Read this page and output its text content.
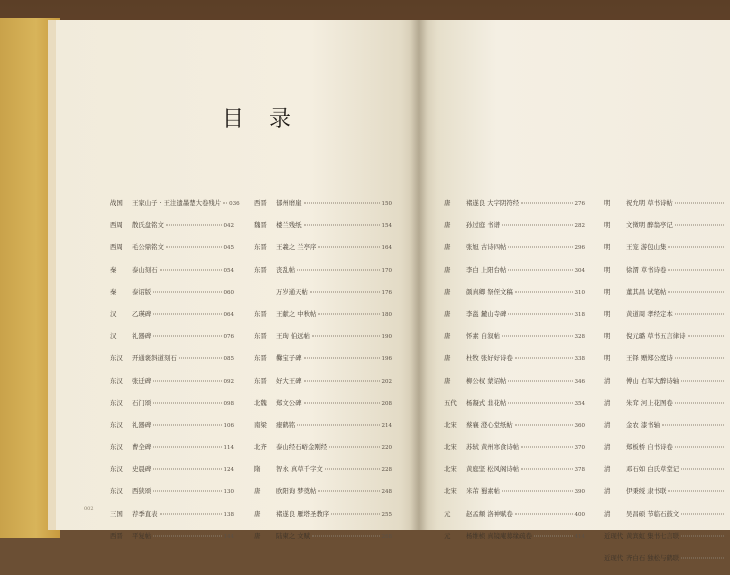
目 录
战国	王家山子 · 王注遗墨楚大卷残片 036
西周	散氏盘铭文	042
西周	毛公鼎铭文	045
秦	泰山刻石	054
秦	泰诏版	060
汉	乙瑛碑	064
汉	礼器碑	076
东汉	开通褒斜道刻石	085
东汉	张迁碑	092
东汉	石门颂	098
东汉	礼器碑	106
东汉	曹全碑	114
东汉	史晨碑	124
东汉	西狭颂	130
三国	荐季直表	138
西晋	平复帖	144
西晋	郁州磨崖	150
魏晋	楼兰残纸	154
东晋	王羲之 兰亭序	164
东晋	丧乱帖	170
万岁通天帖	176
东晋	王献之 中秋帖	180
东晋	王珣 伯远帖	190
东晋	爨宝子碑	196
东晋	好大王碑	202
北魏	郑文公碑	208
南梁	瘗鹤铭	214
北齐	泰山经石峪金刚经	220
隋	智永 真草千字文	228
唐	欧阳询 梦奠帖	248
唐	褚遂良 雁塔圣教序	255
唐	陆柬之 文赋	268
唐	褚遂良 大字阴符经	276
唐	孙过庭 书谱	282
唐	张旭 古诗四帖	296
唐	李白 上阳台帖	304
唐	颜真卿 祭侄文稿	310
唐	李邕 麓山寺碑	318
唐	怀素 自叙帖	328
唐	杜牧 张好好诗卷	338
唐	柳公权 蒙诏帖	346
五代	杨凝式 韭花帖	354
北宋	蔡襄 澄心堂纸帖	360
北宋	苏轼 黄州寒食诗帖	370
北宋	黄庭坚 松风阁诗帖	378
北宋	米芾 蜀素帖	390
元	赵孟頫 洛神赋卷	400
元	杨维桢 真镜庵募缘疏卷	414
明	祝允明 草书诗帖
明	文徵明 醉翁亭记
明	王宠 游包山集
明	徐渭 草书诗卷
明	董其昌 试笔帖
明	黄道周 孝经定本
明	倪元璐 草书五言律诗
明	王铎 赠郑公度诗
清	傅山 右军大醉诗轴
清	朱耷 河上花图卷
清	金农 漆书轴
清	郑板桥 自书诗卷
清	邓石如 白氏草堂记
清	伊秉绶 隶书联
清	吴昌硕 节临石鼓文
近现代 黄宾虹 集书七言联
近现代 齐白石 独松与鹤联
002
